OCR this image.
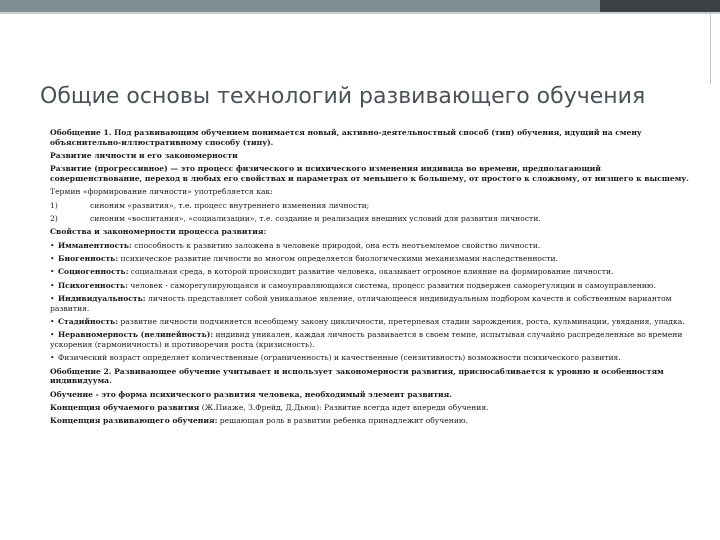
Общие основы технологий развивающего обучения

Обобщение 1. Под развивающим обучением понимается новый, активно-деятельностный способ (тип) обучения, идущий на смену объяснительно-иллюстративному способу (типу).

Развитие личности и его закономерности

Развитие (прогрессивное) — это процесс физического и психического изменения индивида во времени, предполагающий совершенствование, переход в любых его свойствах и параметрах от меньшего к большему, от простого к сложному, от низшего к высшему.

Термин «формирование личности» употребляется как:

1)	синоним «развития», т.е. процесс внутреннего изменения личности;

2)	синоним «воспитания», «социализации», т.е. создание и реализация внешних условий для развития личности.

Свойства и закономерности процесса развития:

• Имманентность: способность к развитию заложена в человеке природой, она есть неотъемлемое свойство личности.

• Биогенность: психическое развитие личности во многом определяется биологическими механизмами наследственности.

• Социогенность: социальная среда, в которой происходит развитие человека, оказывает огромное влияние на формирование личности.

• Психогенность: человек - саморегулирующаяся и самоуправляющаяся система, процесс развития подвержен саморегуляции и самоуправлению.

• Индивидуальность: личность представляет собой уникальное явление, отличающееся индивидуальным подбором качеств и собственным вариантом развития.

• Стадийность: развитие личности подчиняется всеобщему закону цикличности, претерпевая стадии зарождения, роста, кульминации, увядания, упадка.

• Неравномерность (нелинейность): индивид уникален, каждая личность развивается в своем темпе, испытывая случайно распределенные во времени ускорения (гармоничность) и противоречия роста (кризисность).

• Физический возраст определяет количественные (ограниченность) и качественные (сензитивность) возможности психического развития.

Обобщение 2. Развивающее обучение учитывает и использует закономерности развития, приспосабливается к уровню и особенностям индивидуума.

Обучение - это форма психического развития человека, необходимый элемент развития.

Концепция обучаемого развития (Ж.Пиаже, З.Фрейд, Д.Дьюи): Развитие всегда идет впереди обучения.

Концепция развивающего обучения: решающая роль в развитии ребенка принадлежит обучению.
